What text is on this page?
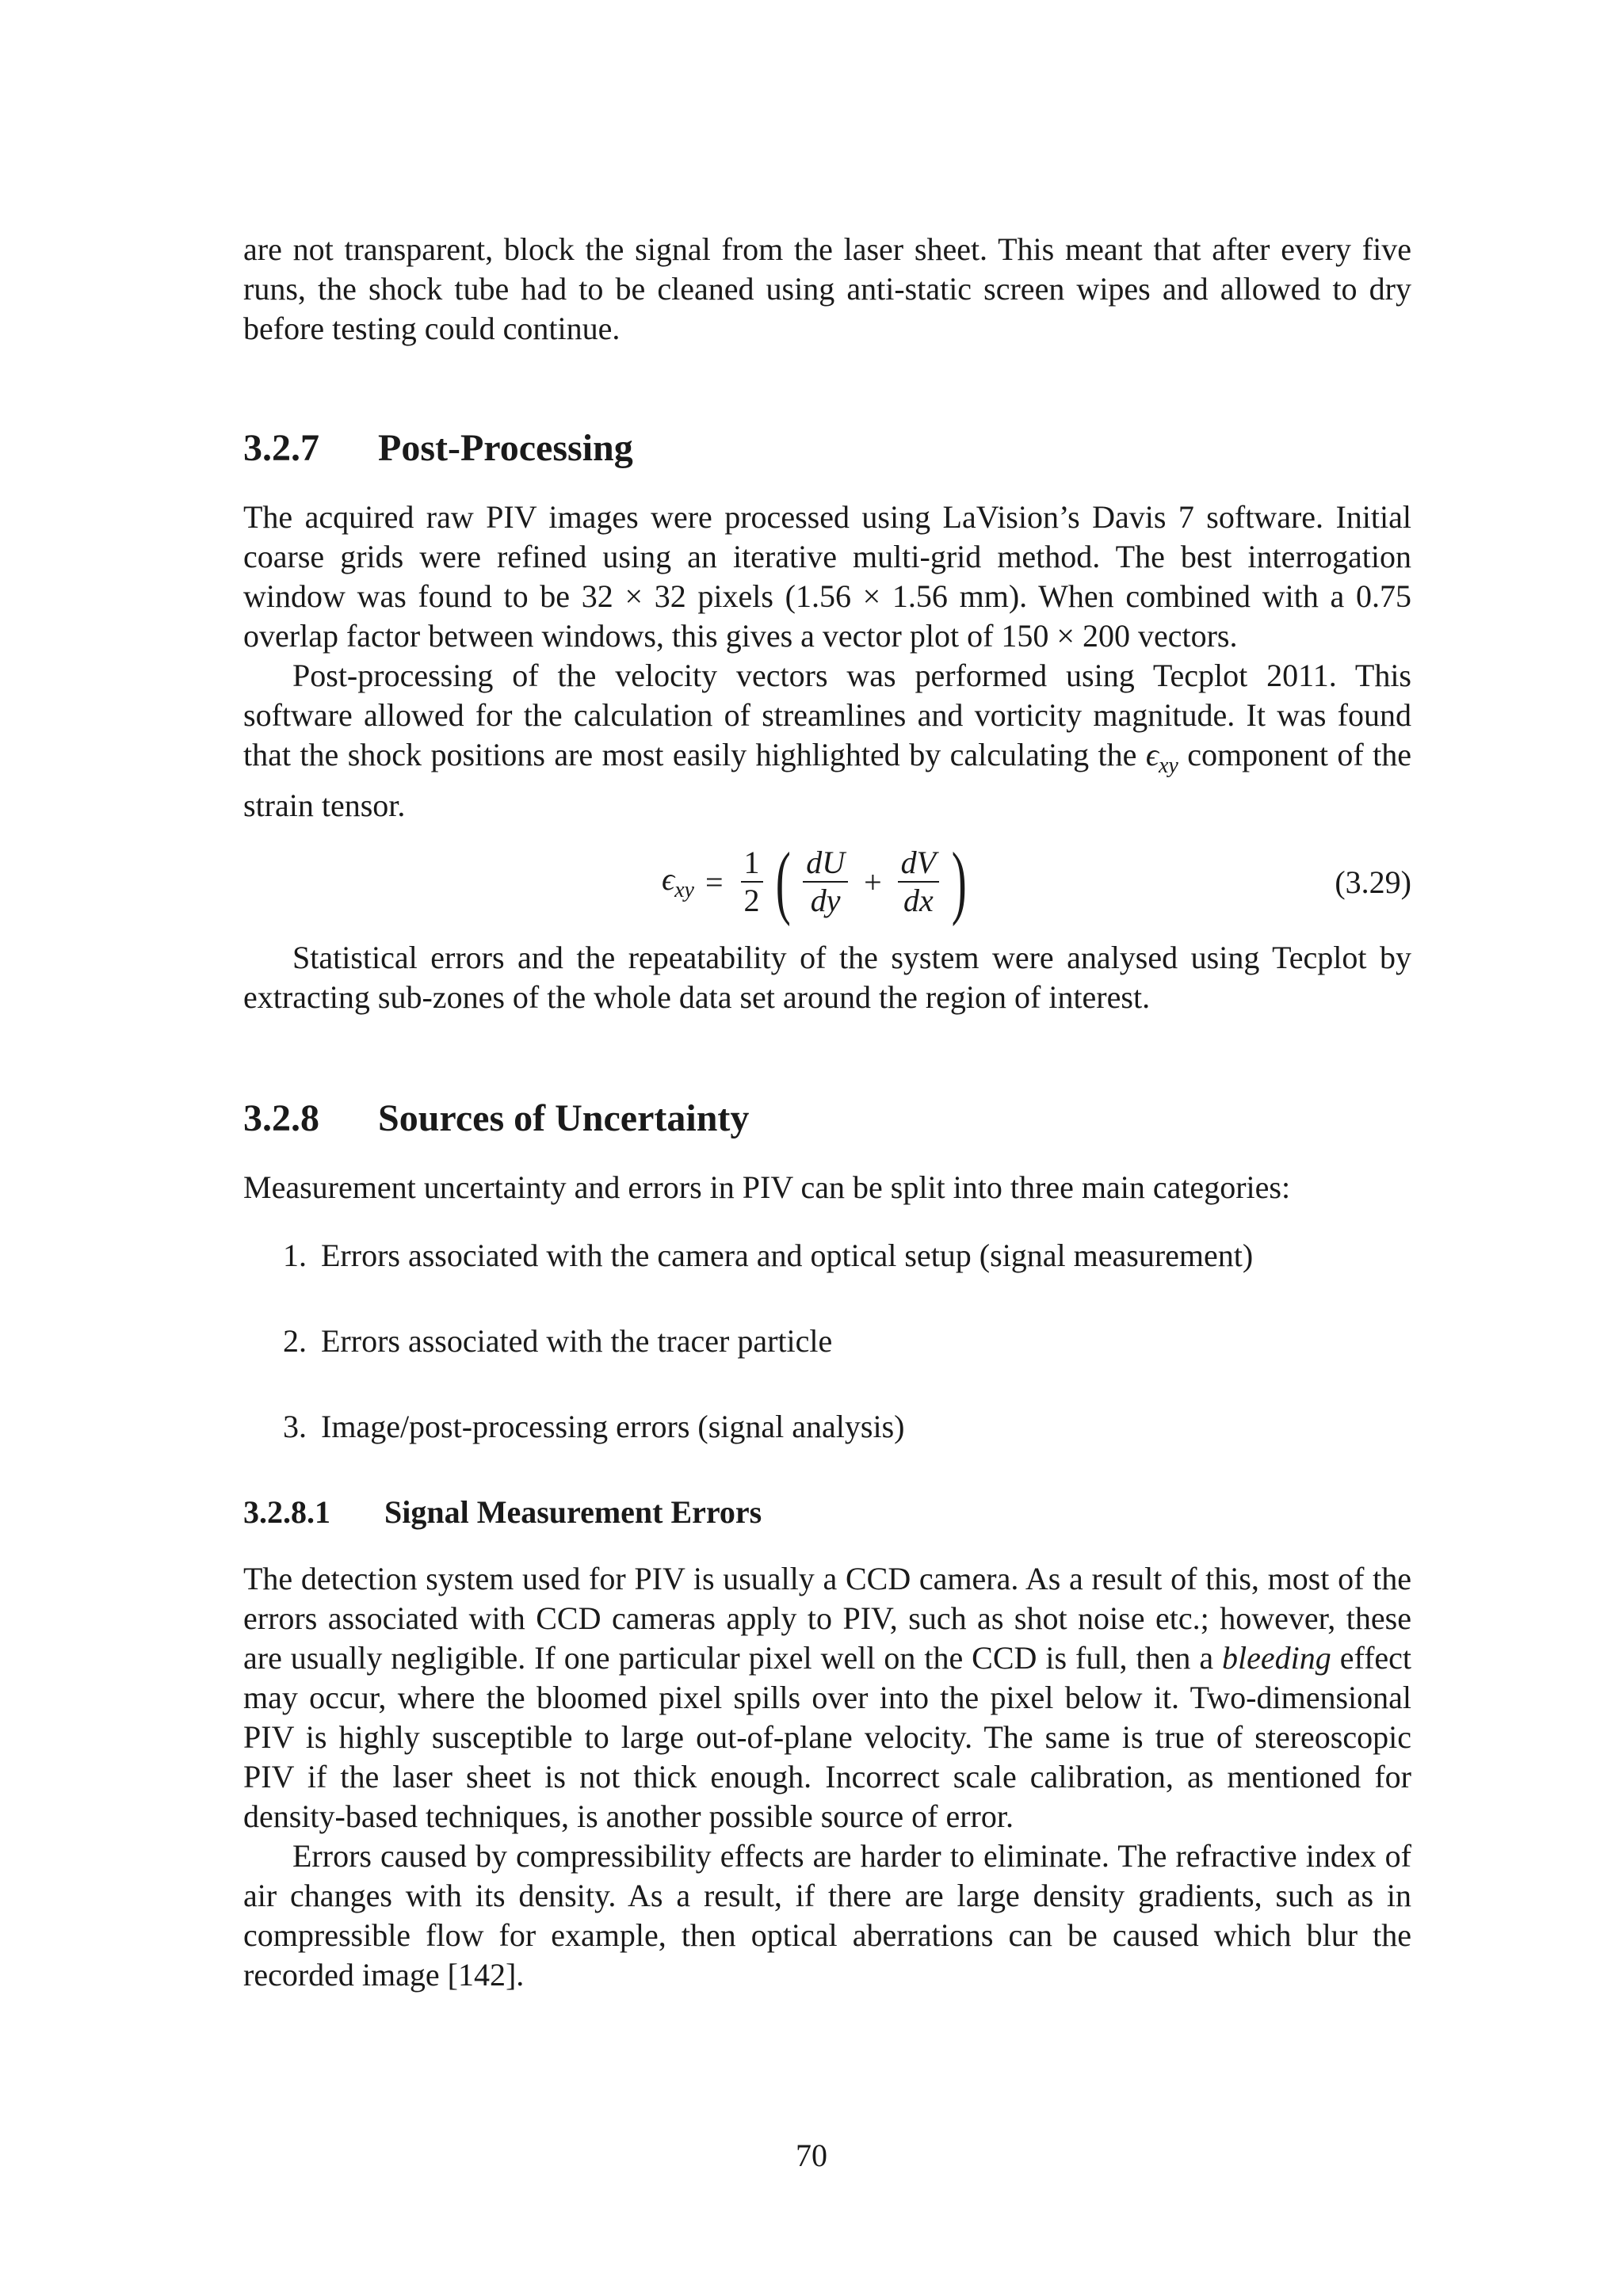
are not transparent, block the signal from the laser sheet. This meant that after every five runs, the shock tube had to be cleaned using anti-static screen wipes and allowed to dry before testing could continue.

3.2.7 Post-Processing

The acquired raw PIV images were processed using LaVision’s Davis 7 software. Initial coarse grids were refined using an iterative multi-grid method. The best interrogation window was found to be 32 × 32 pixels (1.56 × 1.56 mm). When combined with a 0.75 overlap factor between windows, this gives a vector plot of 150 × 200 vectors.

Post-processing of the velocity vectors was performed using Tecplot 2011. This software allowed for the calculation of streamlines and vorticity magnitude. It was found that the shock positions are most easily highlighted by calculating the $\epsilon_{xy}$ component of the strain tensor.

$\epsilon_{xy} = \frac{1}{2}$ ( $\frac{dU}{dy} + \frac{dV}{dx}$ )	(3.29)

Statistical errors and the repeatability of the system were analysed using Tecplot by extracting sub-zones of the whole data set around the region of interest.

3.2.8 Sources of Uncertainty

Measurement uncertainty and errors in PIV can be split into three main categories:

1. Errors associated with the camera and optical setup (signal measurement)
2. Errors associated with the tracer particle
3. Image/post-processing errors (signal analysis)
3.2.8.1 Signal Measurement Errors

The detection system used for PIV is usually a CCD camera. As a result of this, most of the errors associated with CCD cameras apply to PIV, such as shot noise etc.; however, these are usually negligible. If one particular pixel well on the CCD is full, then a bleeding effect may occur, where the bloomed pixel spills over into the pixel below it. Two-dimensional PIV is highly susceptible to large out-of-plane velocity. The same is true of stereoscopic PIV if the laser sheet is not thick enough. Incorrect scale calibration, as mentioned for density-based techniques, is another possible source of error.

Errors caused by compressibility effects are harder to eliminate. The refractive index of air changes with its density. As a result, if there are large density gradients, such as in compressible flow for example, then optical aberrations can be caused which blur the recorded image [142].

70
